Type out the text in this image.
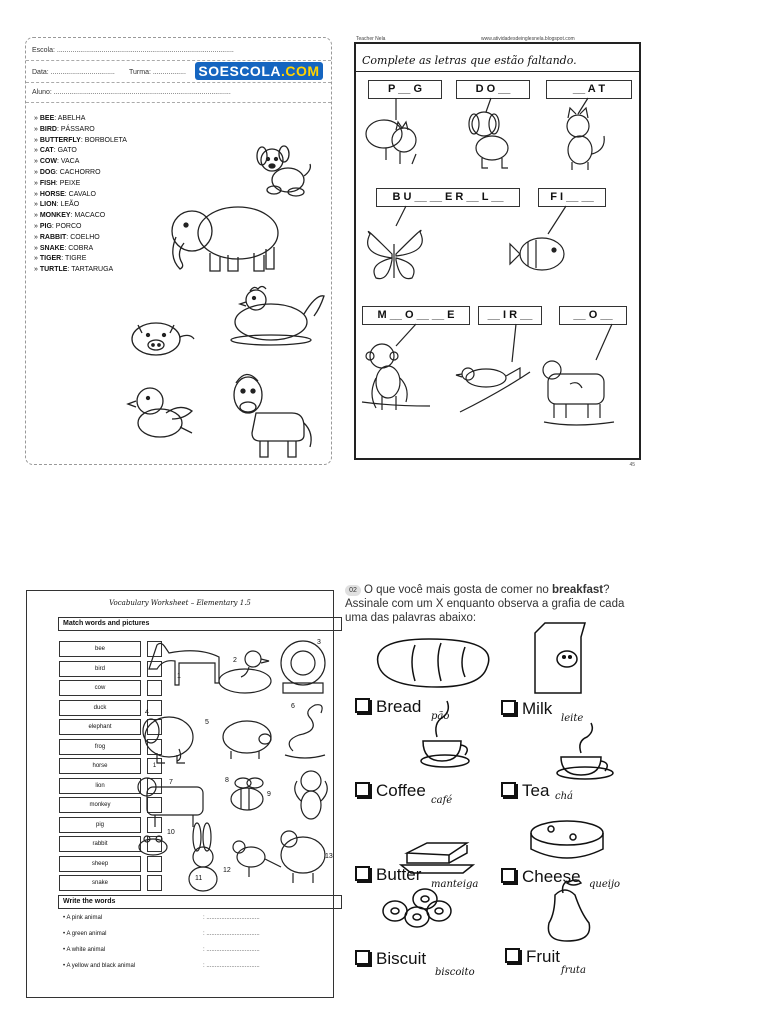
Escola: ...........................................................................................
Data: ................................. Turma: ................. SOESCOLA.COM
Aluno: ...........................................................................................
» BEE: ABELHA
» BIRD: PÁSSARO
» BUTTERFLY: BORBOLETA
» CAT: GATO
» COW: VACA
» DOG: CACHORRO
» FISH: PEIXE
» HORSE: CAVALO
» LION: LEÃO
» MONKEY: MACACO
» PIG: PORCO
» RABBIT: COELHO
» SNAKE: COBRA
» TIGER: TIGRE
» TURTLE: TARTARUGA
Teacher Nela	www.atividadesdeinglesnela.blogspot.com
Complete as letras que estão faltando.
P __ G	D O __	__ A T
B U __ __ E R __ L __	F I __ __
M __ O __ __ E	__ I R __	__ O __
45
Vocabulary Worksheet – Elementary 1.5
Match words and pictures
bee
bird
cow
duck
elephant
frog
horse	1
lion
monkey
pig
rabbit
sheep
snake
1
2
3
4
5
6
7	8
9
10
11
12
13
Write the words
• A pink animal	: ................................
• A green animal	: ................................
• A white animal	: ................................
• A yellow and black animal	: ................................
02 O que você mais gosta de comer no breakfast? Assinale com um X enquanto observa a grafia de cada uma das palavras abaixo:
Bread
pão	Milk
leite
Coffee
café
Tea chá
Butter
manteiga	Cheese queijo
Biscuit
biscoito
Fruit
fruta
